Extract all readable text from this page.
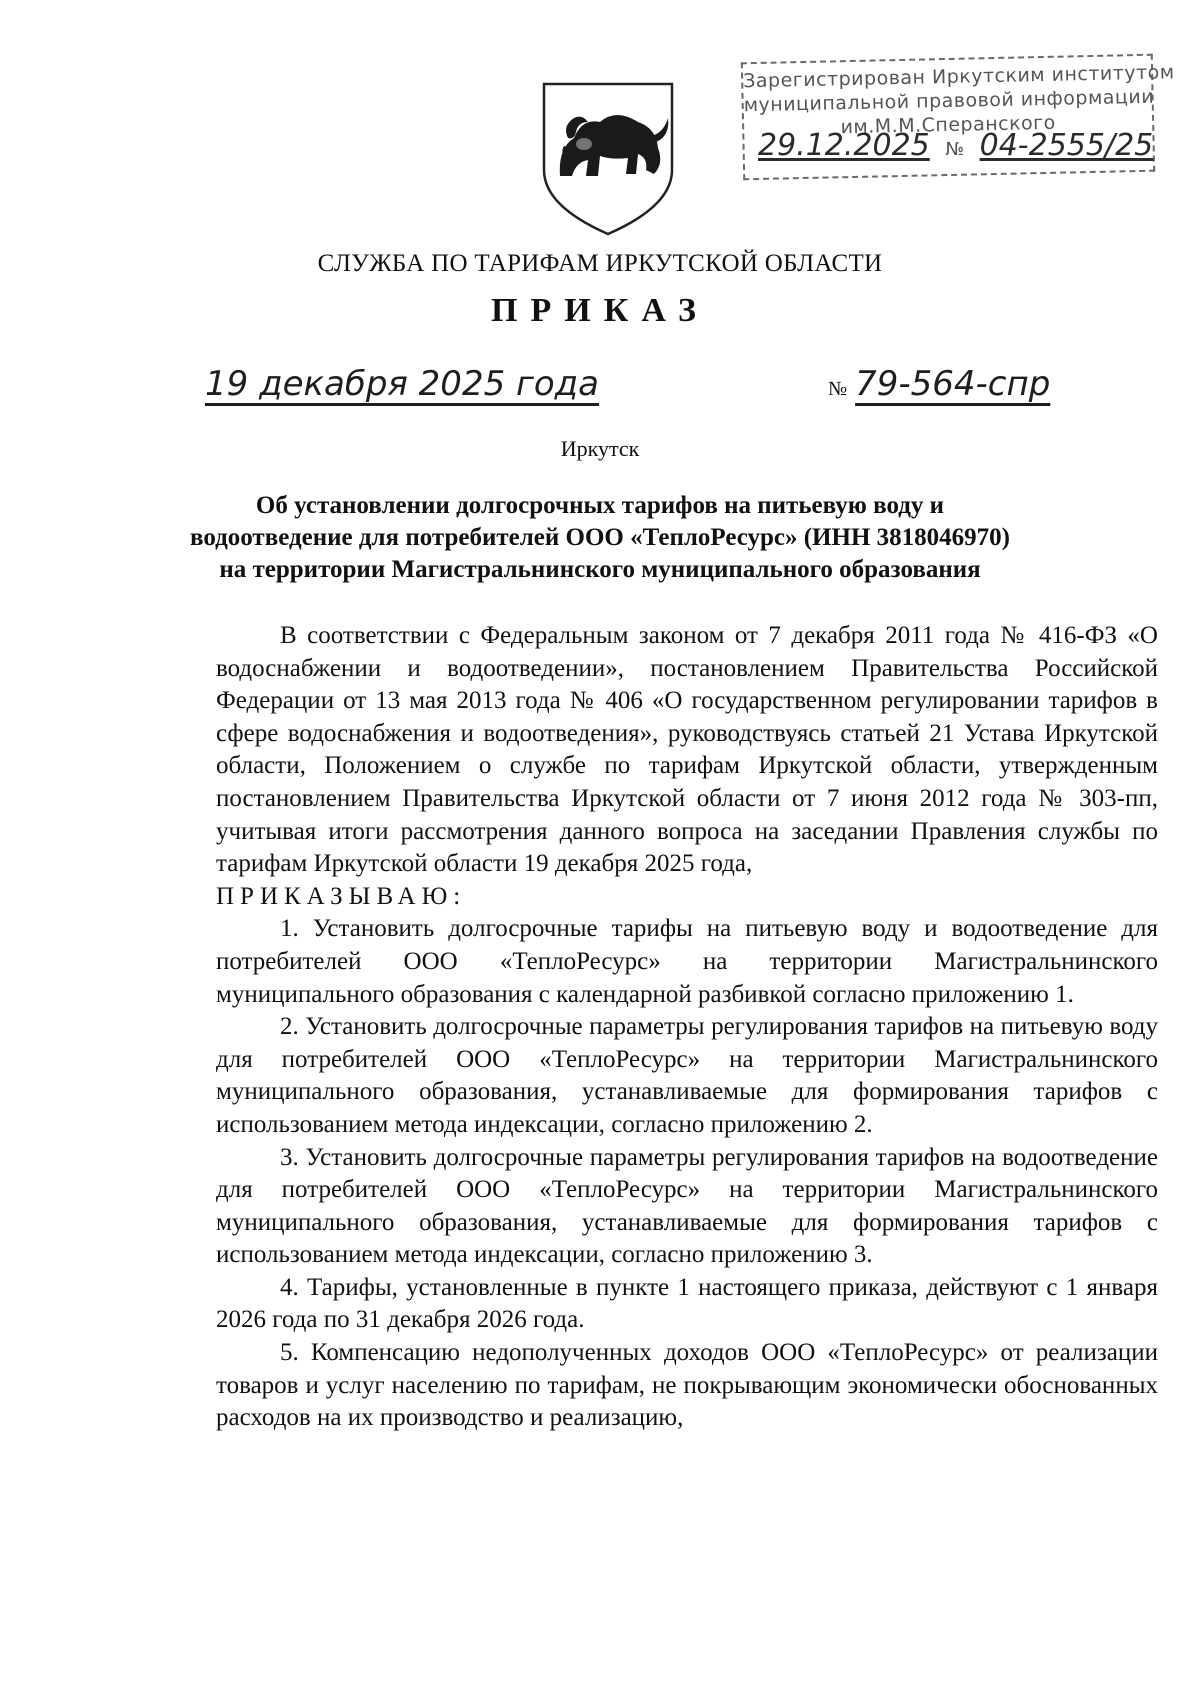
Зарегистрирован Иркутским институтом
муниципальной правовой информации
им.М.М.Сперанского
29.12.2025 № 04-2555/25
СЛУЖБА ПО ТАРИФАМ ИРКУТСКОЙ ОБЛАСТИ
ПРИКАЗ
19 декабря 2025 года	№ 79-564-спр
Иркутск
Об установлении долгосрочных тарифов на питьевую воду и
водоотведение для потребителей ООО «ТеплоРесурс» (ИНН 3818046970)
на территории Магистральнинского муниципального образования

В соответствии с Федеральным законом от 7 декабря 2011 года № 416-ФЗ «О водоснабжении и водоотведении», постановлением Правительства Российской Федерации от 13 мая 2013 года № 406 «О государственном регулировании тарифов в сфере водоснабжения и водоотведения», руководствуясь статьей 21 Устава Иркутской области, Положением о службе по тарифам Иркутской области, утвержденным постановлением Правительства Иркутской области от 7 июня 2012 года № 303-пп, учитывая итоги рассмотрения данного вопроса на заседании Правления службы по тарифам Иркутской области 19 декабря 2025 года,

ПРИКАЗЫВАЮ:

1. Установить долгосрочные тарифы на питьевую воду и водоотведение для потребителей ООО «ТеплоРесурс» на территории Магистральнинского муниципального образования с календарной разбивкой согласно приложению 1.

2. Установить долгосрочные параметры регулирования тарифов на питьевую воду для потребителей ООО «ТеплоРесурс» на территории Магистральнинского муниципального образования, устанавливаемые для формирования тарифов с использованием метода индексации, согласно приложению 2.

3. Установить долгосрочные параметры регулирования тарифов на водоотведение для потребителей ООО «ТеплоРесурс» на территории Магистральнинского муниципального образования, устанавливаемые для формирования тарифов с использованием метода индексации, согласно приложению 3.

4. Тарифы, установленные в пункте 1 настоящего приказа, действуют с 1 января 2026 года по 31 декабря 2026 года.

5. Компенсацию недополученных доходов ООО «ТеплоРесурс» от реализации товаров и услуг населению по тарифам, не покрывающим экономически обоснованных расходов на их производство и реализацию,
